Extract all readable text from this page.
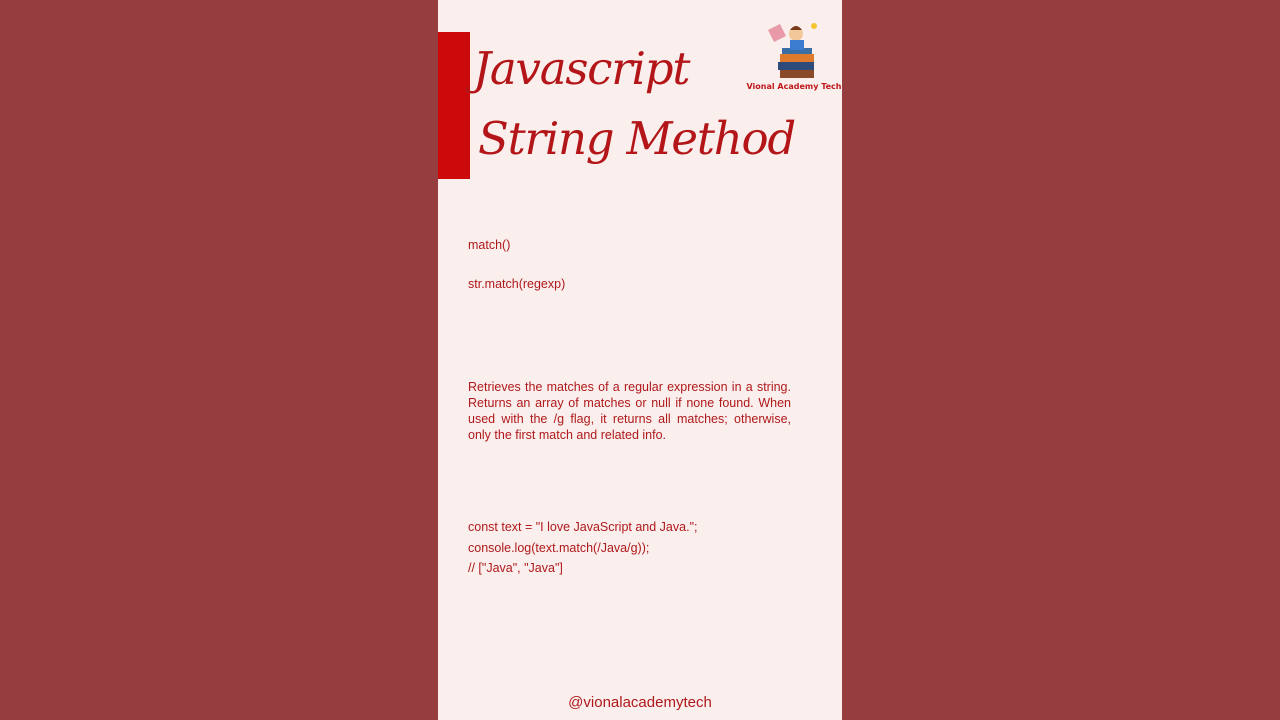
Javascript
String Method
Vional Academy Tech
match()
str.match(regexp)
Retrieves the matches of a regular expression in a string. Returns an array of matches or null if none found. When used with the /g flag, it returns all matches; otherwise, only the first match and related info.
const text = "I love JavaScript and Java.";
console.log(text.match(/Java/g));
// ["Java", "Java"]
@vionalacademytech
